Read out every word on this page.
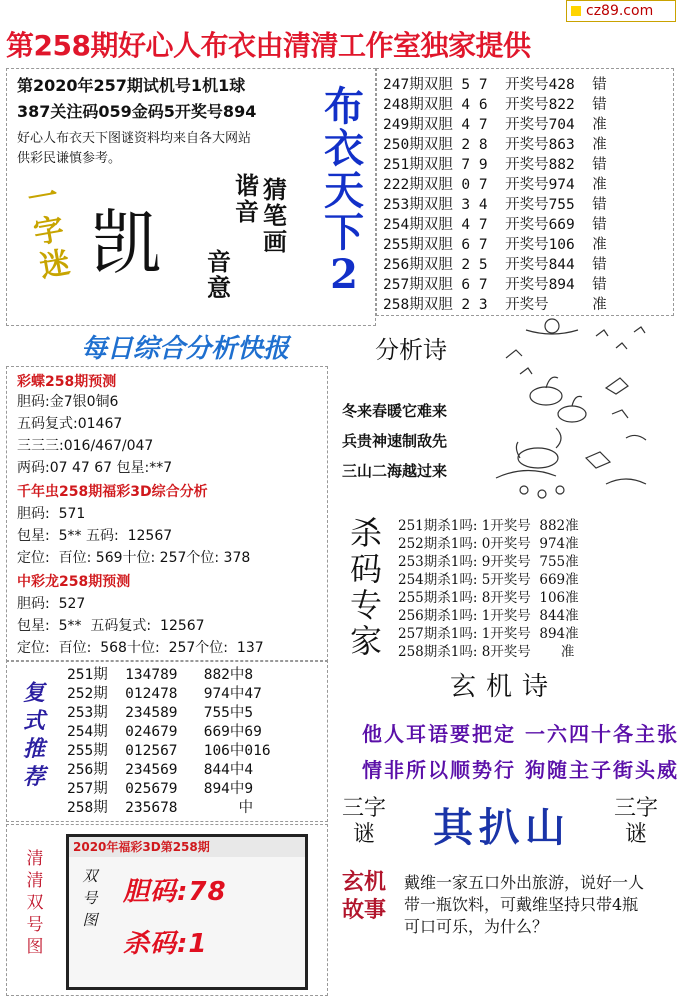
cz89.com
第258期好心人布衣由清清工作室独家提供
第2020年257期试机号1机1球
387关注码059金码5开奖号894
好心人布衣天下图谜资料均来自各大网站
供彩民谦慎参考。
一字迷 凯
猜笔画
谐音
音意
布衣天下2
247期双胆 5 7  开奖号428  错
248期双胆 4 6  开奖号822  错
249期双胆 4 7  开奖号704  准
250期双胆 2 8  开奖号863  准
251期双胆 7 9  开奖号882  错
222期双胆 0 7  开奖号974  准
253期双胆 3 4  开奖号755  错
254期双胆 4 7  开奖号669  错
255期双胆 6 7  开奖号106  准
256期双胆 2 5  开奖号844  错
257期双胆 6 7  开奖号894  错
258期双胆 2 3  开奖号     准
每日综合分析快报
彩蝶258期预测
胆码:金7银0铜6
五码复式:01467
三三三:016/467/047
两码:07 47 67 包星:**7
千年虫258期福彩3D综合分析
胆码:  571
包星:  5** 五码:  12567
定位:  百位: 569十位: 257个位: 378
中彩龙258期预测
胆码:  527
包星:  5**  五码复式:  12567
定位:  百位:  568十位:  257个位:  137
分析诗
冬来春暖它难来
兵贵神速制敌先
三山二海越过来
杀码专家
251期杀1吗: 1开奖号  882准
252期杀1吗: 0开奖号  974准
253期杀1吗: 9开奖号  755准
254期杀1吗: 5开奖号  669准
255期杀1吗: 8开奖号  106准
256期杀1吗: 1开奖号  844准
257期杀1吗: 1开奖号  894准
258期杀1吗: 8开奖号       准
251期  134789   882中8
252期  012478   974中47
253期  234589   755中5
254期  024679   669中69
255期  012567   106中016
256期  234569   844中4
257期  025679   894中9
258期  235678       中
复式推荐
玄机诗
他人耳语要把定 一六四十各主张
情非所以顺势行 狗随主子街头威
三字谜	其扒山	三字谜
玄机故事
戴维一家五口外出旅游，说好一人带一瓶饮料，可戴维坚持只带4瓶可口可乐，为什么？
清清双号图
2020年福彩3D第258期
双号图
胆码:78
杀码:1
